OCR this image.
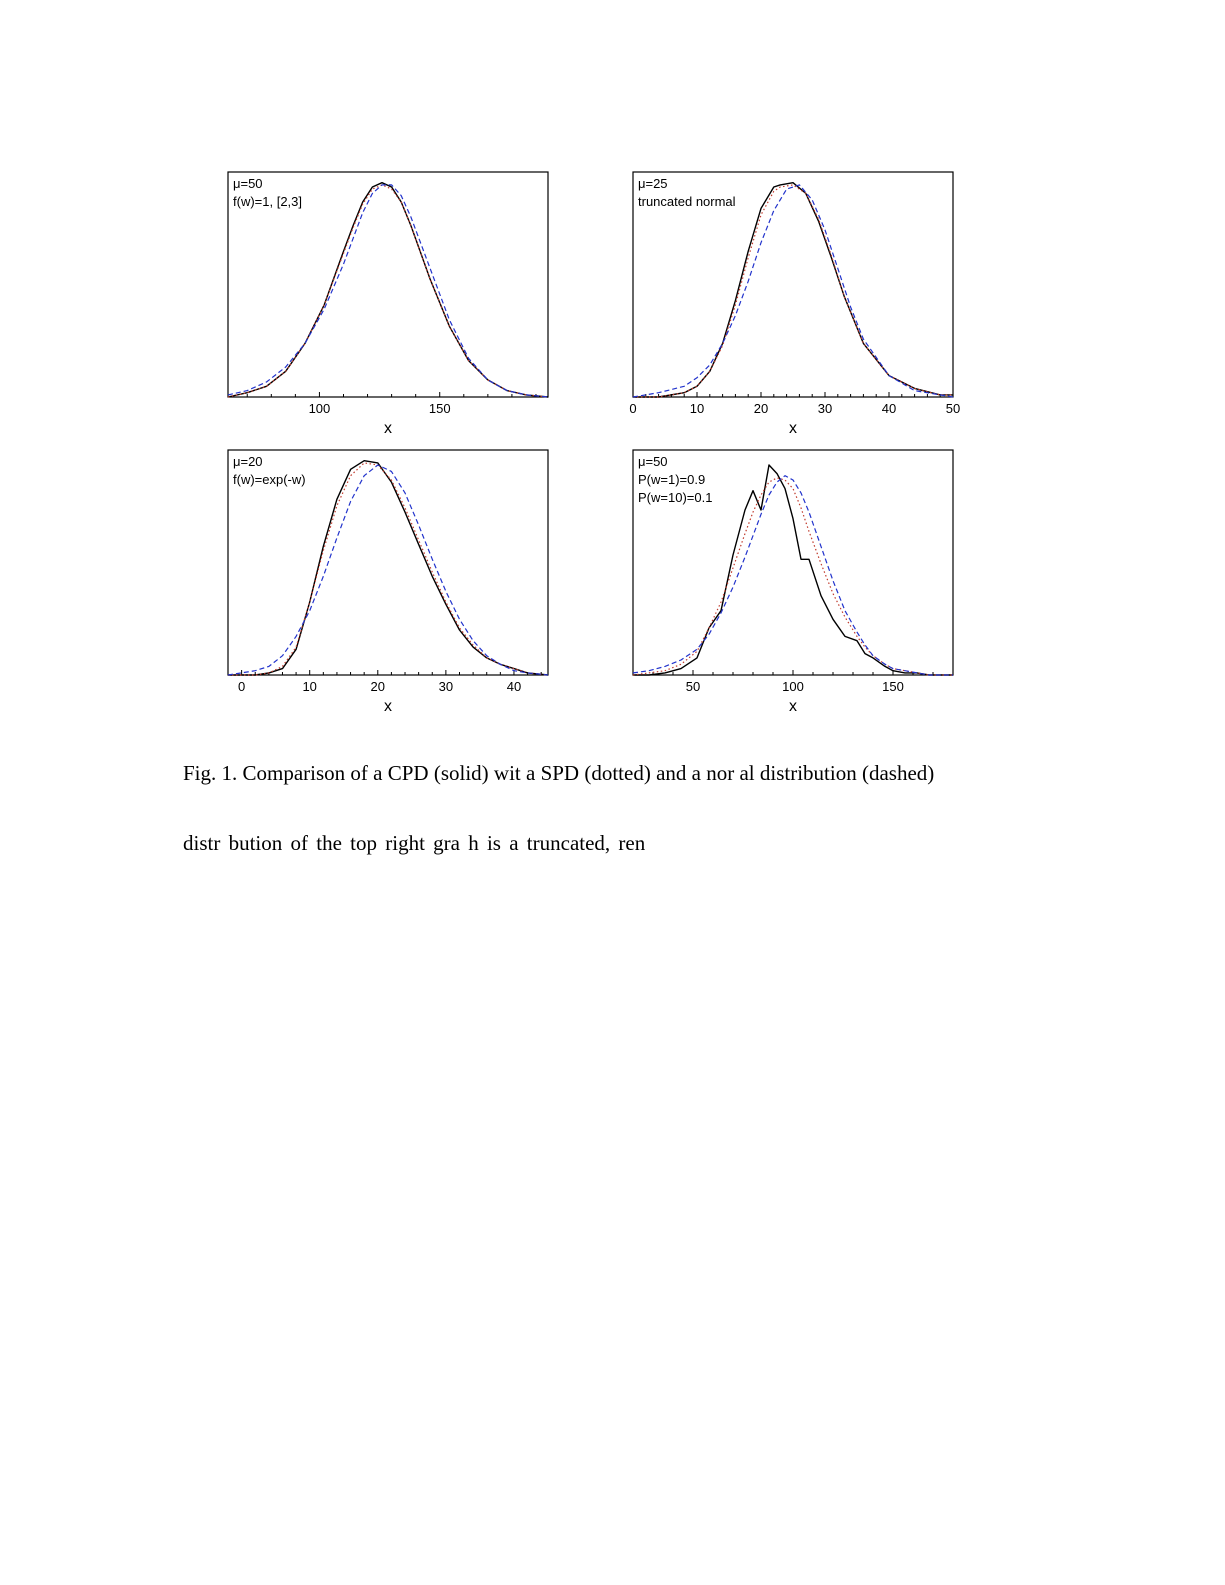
100	150
x
μ=50
f(w)=1, [2,3]
0	10	20	30	40	50
x
μ=25
truncated normal
0	10	20	30	40
x
μ=20
f(w)=exp(-w)
50	100	150
x
μ=50
P(w=1)=0.9
P(w=10)=0.1
Fig. 1. Comparison of a CPD (solid) wit a SPD (dotted) and a nor al distribution (dashed)
distr bution of the top right gra h is a truncated, ren
